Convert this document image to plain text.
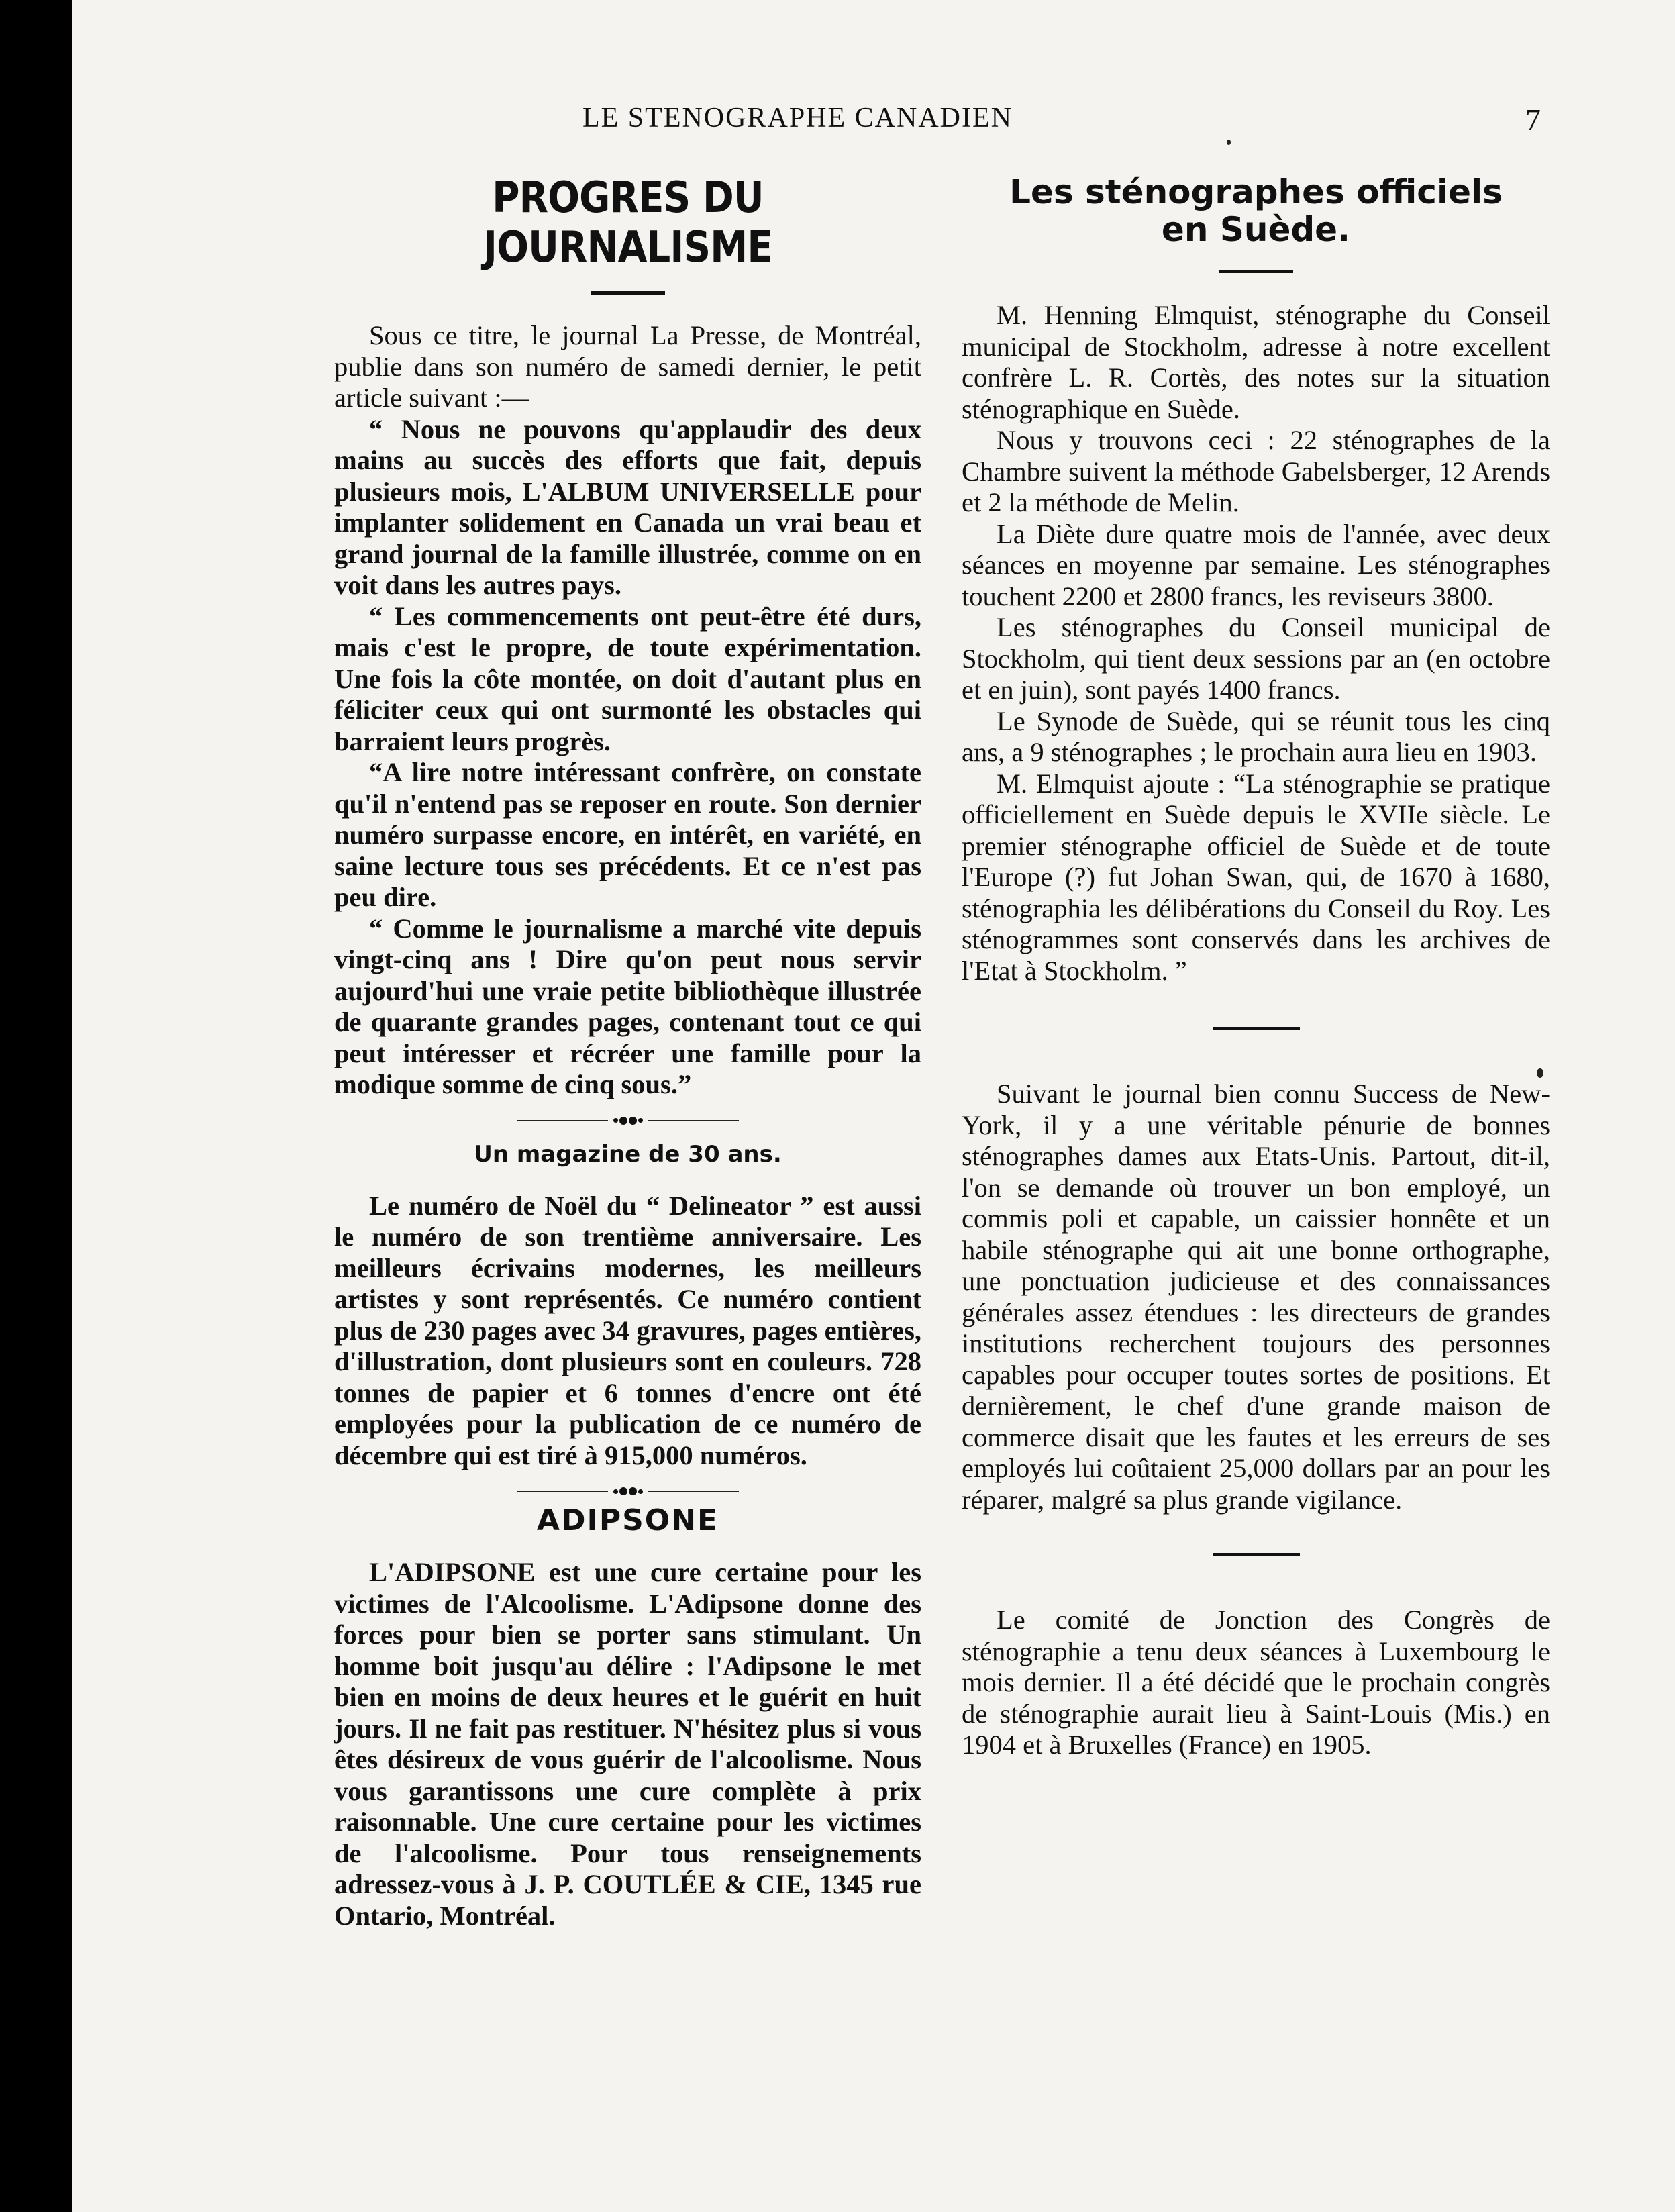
LE STENOGRAPHE CANADIEN	7
PROGRES DU JOURNALISME

Sous ce titre, le journal La Presse, de Montréal, publie dans son numéro de samedi dernier, le petit article suivant :—

“ Nous ne pouvons qu'applaudir des deux mains au succès des efforts que fait, depuis plusieurs mois, L'ALBUM UNIVERSELLE pour implanter solidement en Canada un vrai beau et grand journal de la famille illustrée, comme on en voit dans les autres pays.

“ Les commencements ont peut-être été durs, mais c'est le propre, de toute expérimentation. Une fois la côte montée, on doit d'autant plus en féliciter ceux qui ont surmonté les obstacles qui barraient leurs progrès.

“A lire notre intéressant confrère, on constate qu'il n'entend pas se reposer en route. Son dernier numéro surpasse encore, en intérêt, en variété, en saine lecture tous ses précédents. Et ce n'est pas peu dire.

“ Comme le journalisme a marché vite depuis vingt-cinq ans ! Dire qu'on peut nous servir aujourd'hui une vraie petite bibliothèque illustrée de quarante grandes pages, contenant tout ce qui peut intéresser et récréer une famille pour la modique somme de cinq sous.”

Un magazine de 30 ans.

Le numéro de Noël du “ Delineator ” est aussi le numéro de son trentième anniversaire. Les meilleurs écrivains modernes, les meilleurs artistes y sont représentés. Ce numéro contient plus de 230 pages avec 34 gravures, pages entières, d'illustration, dont plusieurs sont en couleurs. 728 tonnes de papier et 6 tonnes d'encre ont été employées pour la publication de ce numéro de décembre qui est tiré à 915,000 numéros.

ADIPSONE

L'ADIPSONE est une cure certaine pour les victimes de l'Alcoolisme. L'Adipsone donne des forces pour bien se porter sans stimulant. Un homme boit jusqu'au délire : l'Adipsone le met bien en moins de deux heures et le guérit en huit jours. Il ne fait pas restituer. N'hésitez plus si vous êtes désireux de vous guérir de l'alcoolisme. Nous vous garantissons une cure complète à prix raisonnable. Une cure certaine pour les victimes de l'alcoolisme. Pour tous renseignements adressez-vous à J. P. COUTLÉE & CIE, 1345 rue Ontario, Montréal.

Les sténographes officiels
en Suède.

M. Henning Elmquist, sténographe du Conseil municipal de Stockholm, adresse à notre excellent confrère L. R. Cortès, des notes sur la situation sténographique en Suède.

Nous y trouvons ceci : 22 sténographes de la Chambre suivent la méthode Gabelsberger, 12 Arends et 2 la méthode de Melin.

La Diète dure quatre mois de l'année, avec deux séances en moyenne par semaine. Les sténographes touchent 2200 et 2800 francs, les reviseurs 3800.

Les sténographes du Conseil municipal de Stockholm, qui tient deux sessions par an (en octobre et en juin), sont payés 1400 francs.

Le Synode de Suède, qui se réunit tous les cinq ans, a 9 sténographes ; le prochain aura lieu en 1903.

M. Elmquist ajoute : “La sténographie se pratique officiellement en Suède depuis le XVIIe siècle. Le premier sténographe officiel de Suède et de toute l'Europe (?) fut Johan Swan, qui, de 1670 à 1680, sténographia les délibérations du Conseil du Roy. Les sténogrammes sont conservés dans les archives de l'Etat à Stockholm. ”

Suivant le journal bien connu Success de New-York, il y a une véritable pénurie de bonnes sténographes dames aux Etats-Unis. Partout, dit-il, l'on se demande où trouver un bon employé, un commis poli et capable, un caissier honnête et un habile sténographe qui ait une bonne orthographe, une ponctuation judicieuse et des connaissances générales assez étendues : les directeurs de grandes institutions recherchent toujours des personnes capables pour occuper toutes sortes de positions. Et dernièrement, le chef d'une grande maison de commerce disait que les fautes et les erreurs de ses employés lui coûtaient 25,000 dollars par an pour les réparer, malgré sa plus grande vigilance.

Le comité de Jonction des Congrès de sténographie a tenu deux séances à Luxembourg le mois dernier. Il a été décidé que le prochain congrès de sténographie aurait lieu à Saint-Louis (Mis.) en 1904 et à Bruxelles (France) en 1905.
